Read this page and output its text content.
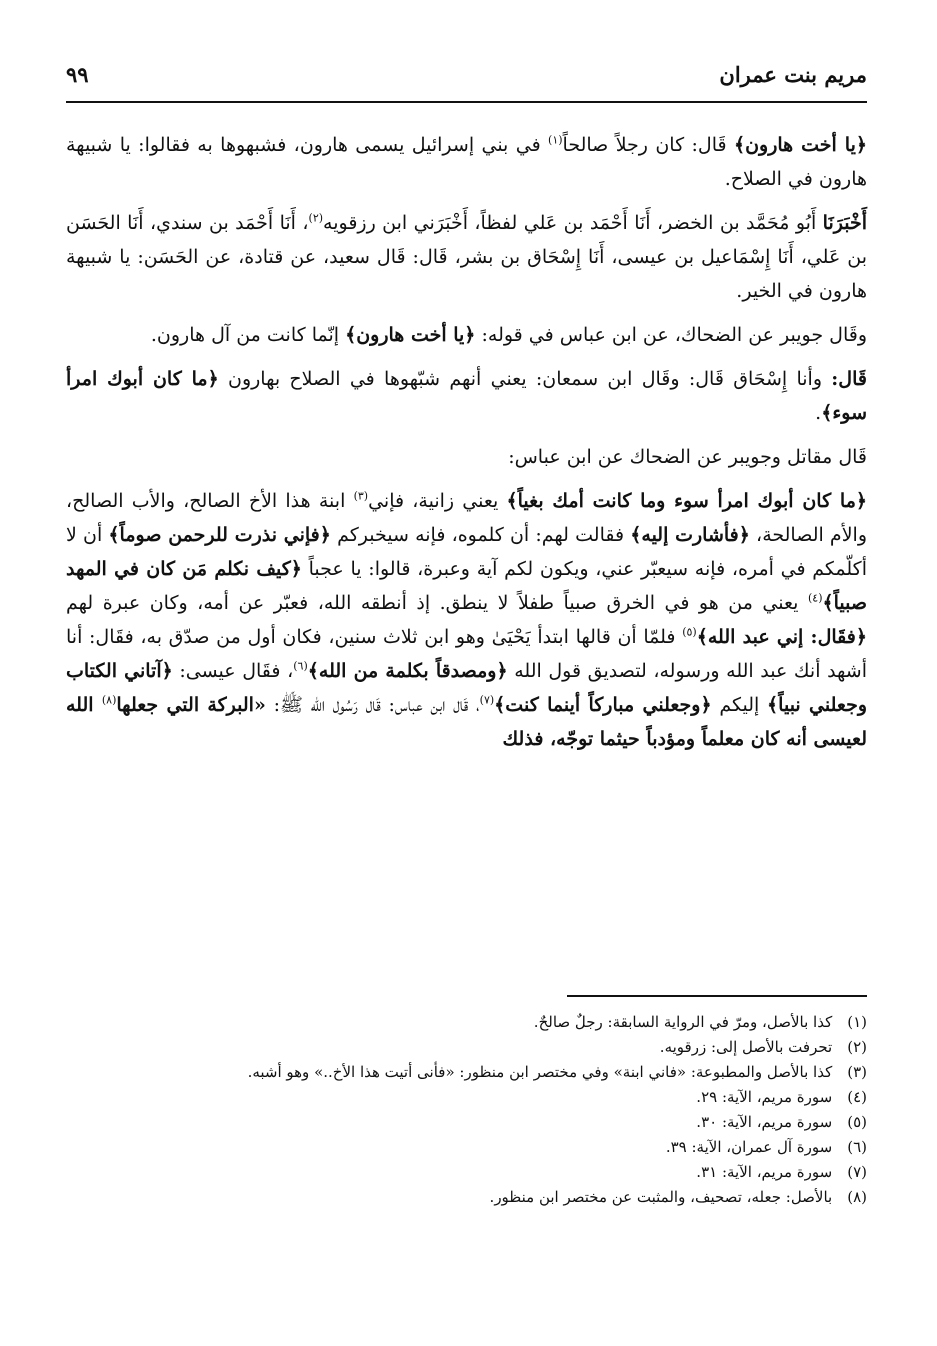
مريم بنت عمران
٩٩

﴿يا أخت هارون﴾ قَال: كان رجلاً صالحاً$^{(١)}$ في بني إسرائيل يسمى هارون، فشبهوها به فقالوا: يا شبيهة هارون في الصلاح.

أَخْبَرَنَا أَبُو مُحَمَّد بن الخضر، أَنَا أَحْمَد بن عَلي لفظاً، أَخْبَرَني ابن رزقويه$^{(٢)}$، أَنَا أَحْمَد بن سندي، أَنَا الحَسَن بن عَلي، أَنَا إِسْمَاعيل بن عيسى، أَنَا إِسْحَاق بن بشر، قَال: قَال سعيد، عن قتادة، عن الحَسَن: يا شبيهة هارون في الخير.

وقَال جويبر عن الضحاك، عن ابن عباس في قوله: ﴿يا أخت هارون﴾ إنّما كانت من آل هارون.

قَال: وأنا إِسْحَاق قَال: وقَال ابن سمعان: يعني أنهم شبّهوها في الصلاح بهارون ﴿ما كان أبوك امرأ سوء﴾.

قَال مقاتل وجويبر عن الضحاك عن ابن عباس:

﴿ما كان أبوك امرأ سوء وما كانت أمك بغياً﴾ يعني زانية، فإني$^{(٣)}$ ابنة هذا الأخ الصالح، والأب الصالح، والأم الصالحة، ﴿فأشارت إليه﴾ فقالت لهم: أن كلموه، فإنه سيخبركم ﴿فإني نذرت للرحمن صوماً﴾ أن لا أكلّمكم في أمره، فإنه سيعبّر عني، ويكون لكم آية وعبرة، قالوا: يا عجباً ﴿كيف نكلم مَن كان في المهد صبياً﴾$^{(٤)}$ يعني من هو في الخرق صبياً طفلاً لا ينطق. إذ أنطقه الله، فعبّر عن أمه، وكان عبرة لهم ﴿فقَال: إني عبد الله﴾$^{(٥)}$ فلمّا أن قالها ابتدأ يَحْيَىٰ وهو ابن ثلاث سنين، فكان أول من صدّق به، فقَال: أنا أشهد أنك عبد الله ورسوله، لتصديق قول الله ﴿ومصدقاً بكلمة من الله﴾$^{(٦)}$، فقَال عيسى: ﴿آتاني الكتاب وجعلني نبياً﴾ إليكم ﴿وجعلني مباركاً أينما كنت﴾$^{(٧)}$، قَال ابن عباس: قَال رَسُول الله ﷺ: «البركة التي جعلها$^{(٨)}$ الله لعيسى أنه كان معلماً ومؤدباً حيثما توجّه، فذلك

(١) كذا بالأصل، ومرّ في الرواية السابقة: رجلٌ صالحٌ.
(٢) تحرفت بالأصل إلى: زرقويه.
(٣) كذا بالأصل والمطبوعة: «فاني ابنة» وفي مختصر ابن منظور: «فأنى أتيت هذا الأخ..» وهو أشبه.
(٤) سورة مريم، الآية: ٢٩.
(٥) سورة مريم، الآية: ٣٠.
(٦) سورة آل عمران، الآية: ٣٩.
(٧) سورة مريم، الآية: ٣١.
(٨) بالأصل: جعله، تصحيف، والمثبت عن مختصر ابن منظور.
